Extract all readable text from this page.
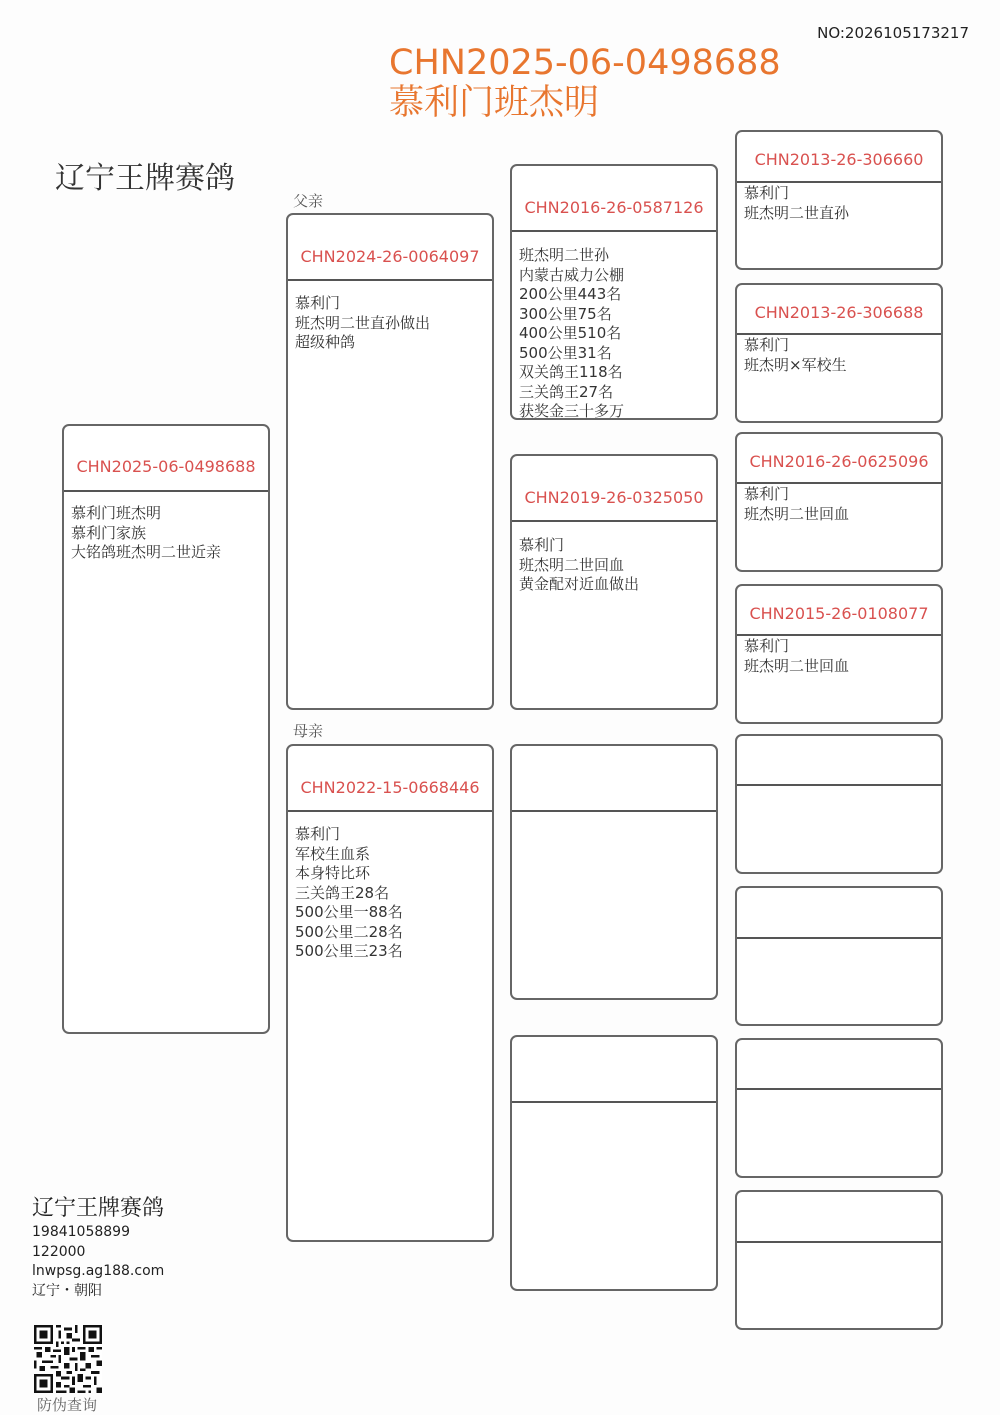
NO:2026105173217
CHN2025-06-0498688
慕利门班杰明
辽宁王牌赛鸽
父亲
母亲
CHN2025-06-0498688
慕利门班杰明
慕利门家族
大铭鸽班杰明二世近亲
CHN2024-26-0064097
慕利门
班杰明二世直孙做出
超级种鸽
CHN2022-15-0668446
慕利门
军校生血系
本身特比环
三关鸽王28名
500公里一88名
500公里二28名
500公里三23名
CHN2016-26-0587126
班杰明二世孙
内蒙古威力公棚
200公里443名
300公里75名
400公里510名
500公里31名
双关鸽王118名
三关鸽王27名
获奖金三十多万
CHN2019-26-0325050
慕利门
班杰明二世回血
黄金配对近血做出
CHN2013-26-306660
慕利门
班杰明二世直孙
CHN2013-26-306688
慕利门
班杰明×军校生
CHN2016-26-0625096
慕利门
班杰明二世回血
CHN2015-26-0108077
慕利门
班杰明二世回血
辽宁王牌赛鸽
19841058899
122000
lnwpsg.ag188.com
辽宁・朝阳
防伪查询
